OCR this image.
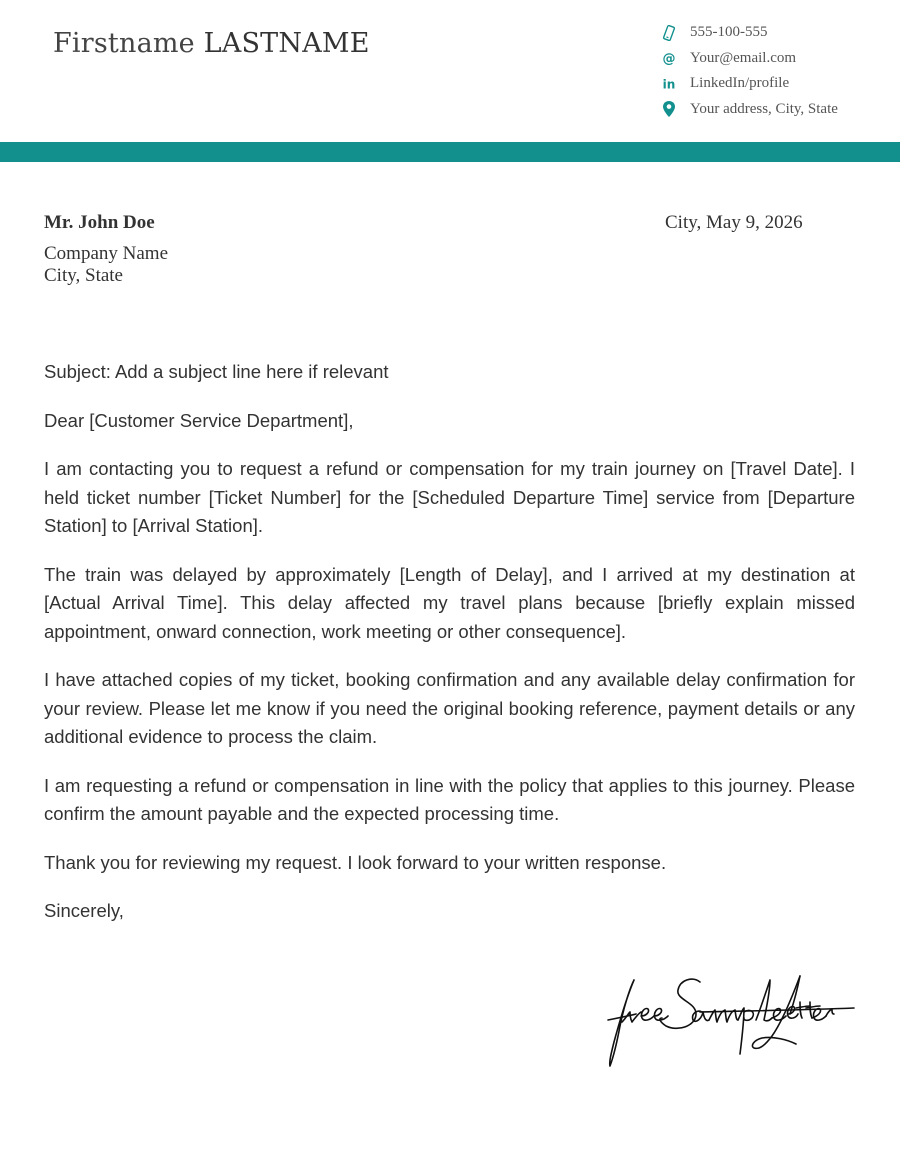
Firstname LASTNAME	555-100-555
@ Your@email.com
in LinkedIn/profile
Your address, City, State
Mr. John Doe
Company Name
City, State
City, May 9, 2026

Subject: Add a subject line here if relevant

Dear [Customer Service Department],

I am contacting you to request a refund or compensation for my train journey on [Travel Date]. I held ticket number [Ticket Number] for the [Scheduled Departure Time] service from [Departure Station] to [Arrival Station].

The train was delayed by approximately [Length of Delay], and I arrived at my destination at [Actual Arrival Time]. This delay affected my travel plans because [briefly explain missed appointment, onward connection, work meeting or other consequence].

I have attached copies of my ticket, booking confirmation and any available delay confirmation for your review. Please let me know if you need the original booking reference, payment details or any additional evidence to process the claim.

I am requesting a refund or compensation in line with the policy that applies to this journey. Please confirm the amount payable and the expected processing time.

Thank you for reviewing my request. I look forward to your written response.

Sincerely,
